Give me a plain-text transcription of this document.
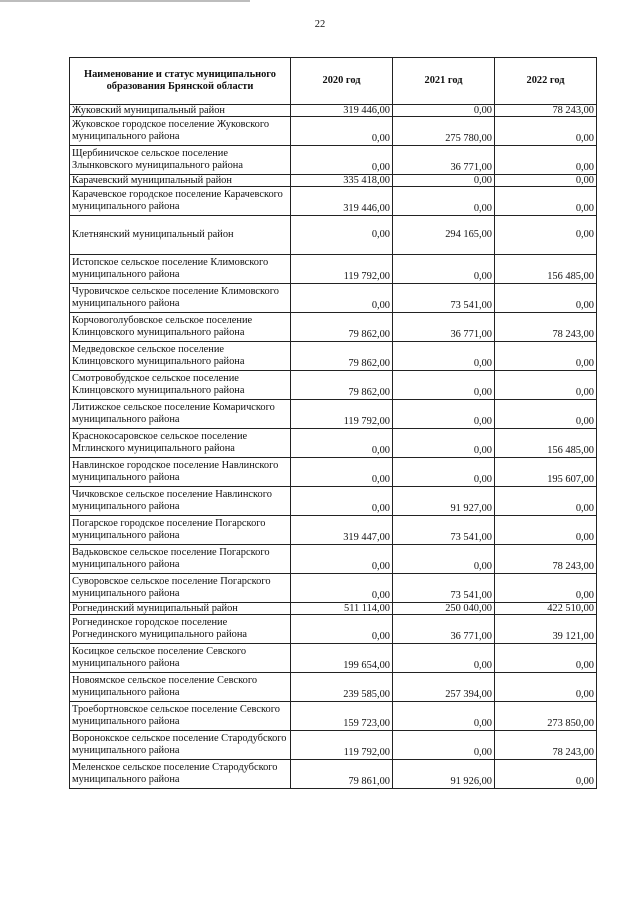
22
Наименование и статус муниципального образования Брянской области	2020 год	2021 год	2022 год
Жуковский муниципальный район	319 446,00	0,00	78 243,00
Жуковское городское поселение Жуковского муниципального района	0,00	275 780,00	0,00
Щербиничское сельское поселение Злынковского муниципального района	0,00	36 771,00	0,00
Карачевский муниципальный район	335 418,00	0,00	0,00
Карачевское городское поселение Карачевского муниципального района	319 446,00	0,00	0,00
Клетнянский муниципальный район	0,00	294 165,00	0,00
Истопское сельское поселение Климовского муниципального района	119 792,00	0,00	156 485,00
Чуровичское сельское поселение Климовского муниципального района	0,00	73 541,00	0,00
Корчовоголубовское сельское поселение Клинцовского муниципального района	79 862,00	36 771,00	78 243,00
Медведовское сельское поселение Клинцовского муниципального района	79 862,00	0,00	0,00
Смотровобудское сельское поселение Клинцовского муниципального района	79 862,00	0,00	0,00
Литижское сельское поселение Комаричского муниципального района	119 792,00	0,00	0,00
Краснокосаровское сельское поселение Мглинского муниципального района	0,00	0,00	156 485,00
Навлинское городское поселение Навлинского муниципального района	0,00	0,00	195 607,00
Чичковское сельское поселение Навлинского муниципального района	0,00	91 927,00	0,00
Погарское городское поселение Погарского муниципального района	319 447,00	73 541,00	0,00
Вадьковское сельское поселение Погарского муниципального района	0,00	0,00	78 243,00
Суворовское сельское поселение Погарского муниципального района	0,00	73 541,00	0,00
Рогнединский муниципальный район	511 114,00	250 040,00	422 510,00
Рогнединское городское поселение Рогнединского муниципального района	0,00	36 771,00	39 121,00
Косицкое сельское поселение Севского муниципального района	199 654,00	0,00	0,00
Новоямское сельское поселение Севского муниципального района	239 585,00	257 394,00	0,00
Троебортновское сельское поселение Севского муниципального района	159 723,00	0,00	273 850,00
Воронокское сельское поселение Стародубского муниципального района	119 792,00	0,00	78 243,00
Меленское сельское поселение Стародубского муниципального района	79 861,00	91 926,00	0,00
